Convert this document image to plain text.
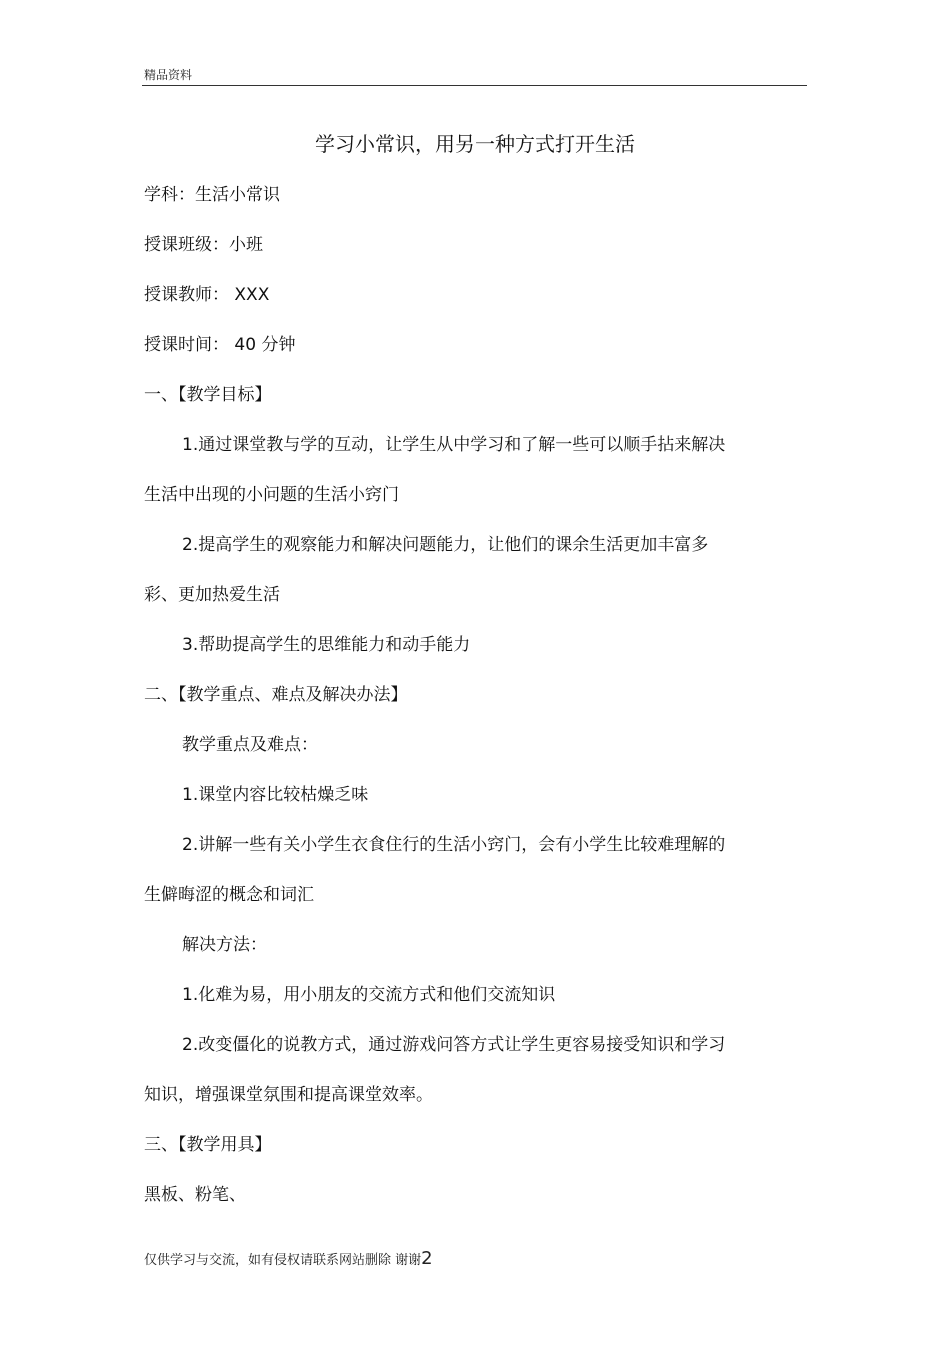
精品资料
学习小常识，用另一种方式打开生活
学科：生活小常识
授课班级：小班
授课教师： XXX
授课时间： 40 分钟
一、【教学目标】
1.通过课堂教与学的互动，让学生从中学习和了解一些可以顺手拈来解决
生活中出现的小问题的生活小窍门
2.提高学生的观察能力和解决问题能力，让他们的课余生活更加丰富多
彩、更加热爱生活
3.帮助提高学生的思维能力和动手能力
二、【教学重点、难点及解决办法】
教学重点及难点：
1.课堂内容比较枯燥乏味
2.讲解一些有关小学生衣食住行的生活小窍门，会有小学生比较难理解的
生僻晦涩的概念和词汇
解决方法：
1.化难为易，用小朋友的交流方式和他们交流知识
2.改变僵化的说教方式，通过游戏问答方式让学生更容易接受知识和学习
知识，增强课堂氛围和提高课堂效率。
三、【教学用具】
黑板、粉笔、
仅供学习与交流，如有侵权请联系网站删除 谢谢2
